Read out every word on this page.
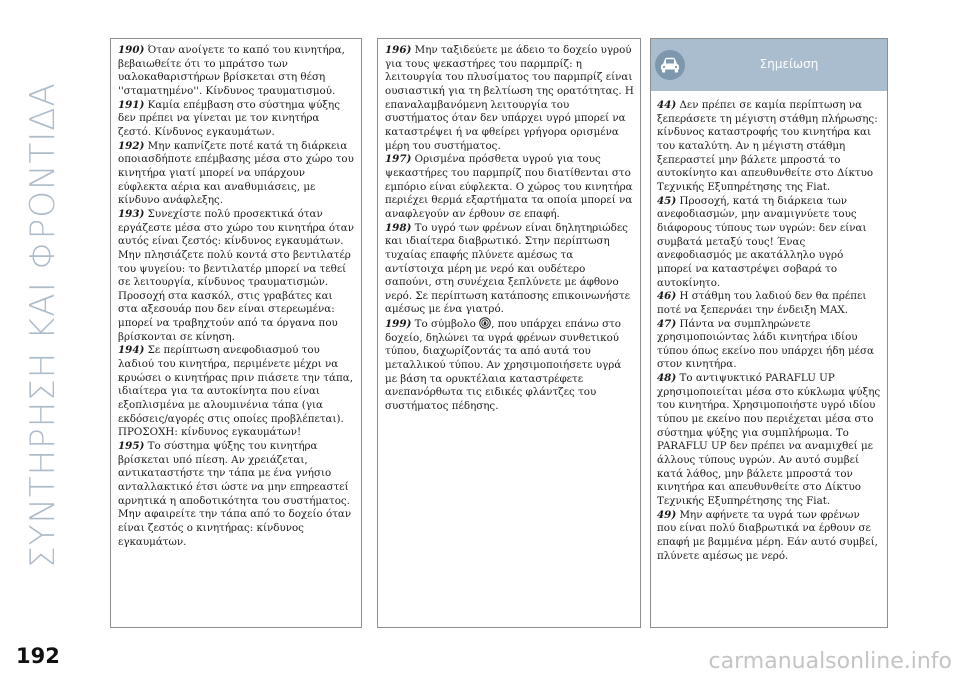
ΣΥΝΤΗΡΗΣΗ ΚΑΙ ΦΡΟΝΤΙΔΑ

190) Όταν ανοίγετε το καπό του κινητήρα, βεβαιωθείτε ότι το μπράτσο των υαλοκαθαριστήρων βρίσκεται στη θέση ''σταματημένο''. Κίνδυνος τραυματισμού.

191) Καμία επέμβαση στο σύστημα ψύξης δεν πρέπει να γίνεται με τον κινητήρα ζεστό. Κίνδυνος εγκαυμάτων.

192) Μην καπνίζετε ποτέ κατά τη διάρκεια οποιασδήποτε επέμβασης μέσα στο χώρο του κινητήρα γιατί μπορεί να υπάρχουν εύφλεκτα αέρια και αναθυμιάσεις, με κίνδυνο ανάφλεξης.

193) Συνεχίστε πολύ προσεκτικά όταν εργάζεστε μέσα στο χώρο του κινητήρα όταν αυτός είναι ζεστός: κίνδυνος εγκαυμάτων. Μην πλησιάζετε πολύ κοντά στο βεντιλατέρ του ψυγείου: το βεντιλατέρ μπορεί να τεθεί σε λειτουργία, κίνδυνος τραυματισμών. Προσοχή στα κασκόλ, στις γραβάτες και στα αξεσουάρ που δεν είναι στερεωμένα: μπορεί να τραβηχτούν από τα όργανα που βρίσκονται σε κίνηση.

194) Σε περίπτωση ανεφοδιασμού του λαδιού του κινητήρα, περιμένετε μέχρι να κρυώσει ο κινητήρας πριν πιάσετε την τάπα, ιδιαίτερα για τα αυτοκίνητα που είναι εξοπλισμένα με αλουμινένια τάπα (για εκδόσεις/αγορές στις οποίες προβλέπεται). ΠΡΟΣΟΧΗ: κίνδυνος εγκαυμάτων!

195) Το σύστημα ψύξης του κινητήρα βρίσκεται υπό πίεση. Αν χρειάζεται, αντικαταστήστε την τάπα με ένα γνήσιο ανταλλακτικό έτσι ώστε να μην επηρεαστεί αρνητικά η αποδοτικότητα του συστήματος. Μην αφαιρείτε την τάπα από το δοχείο όταν είναι ζεστός ο κινητήρας: κίνδυνος εγκαυμάτων.

196) Μην ταξιδεύετε με άδειο το δοχείο υγρού για τους ψεκαστήρες του παρμπρίζ: η λειτουργία του πλυσίματος του παρμπρίζ είναι ουσιαστική για τη βελτίωση της ορατότητας. Η επαναλαμβανόμενη λειτουργία του συστήματος όταν δεν υπάρχει υγρό μπορεί να καταστρέψει ή να φθείρει γρήγορα ορισμένα μέρη του συστήματος.

197) Ορισμένα πρόσθετα υγρού για τους ψεκαστήρες του παρμπρίζ που διατίθενται στο εμπόριο είναι εύφλεκτα. Ο χώρος του κινητήρα περιέχει θερμά εξαρτήματα τα οποία μπορεί να αναφλεγούν αν έρθουν σε επαφή.

198) Το υγρό των φρένων είναι δηλητηριώδες και ιδιαίτερα διαβρωτικό. Στην περίπτωση τυχαίας επαφής πλύνετε αμέσως τα αντίστοιχα μέρη με νερό και ουδέτερο σαπούνι, στη συνέχεια ξεπλύνετε με άφθονο νερό. Σε περίπτωση κατάποσης επικοινωνήστε αμέσως με ένα γιατρό.

199) Το σύμβολο , που υπάρχει επάνω στο δοχείο, δηλώνει τα υγρά φρένων συνθετικού τύπου, διαχωρίζοντάς τα από αυτά του μεταλλικού τύπου. Αν χρησιμοποιήσετε υγρά με βάση τα ορυκτέλαια καταστρέφετε ανεπανόρθωτα τις ειδικές φλάντζες του συστήματος πέδησης.

Σημείωση

44) Δεν πρέπει σε καμία περίπτωση να ξεπεράσετε τη μέγιστη στάθμη πλήρωσης: κίνδυνος καταστροφής του κινητήρα και του καταλύτη. Αν η μέγιστη στάθμη ξεπεραστεί μην βάλετε μπροστά το αυτοκίνητο και απευθυνθείτε στο Δίκτυο Τεχνικής Εξυπηρέτησης της Fiat.

45) Προσοχή, κατά τη διάρκεια των ανεφοδιασμών, μην αναμιγνύετε τους διάφορους τύπους των υγρών: δεν είναι συμβατά μεταξύ τους! Ένας ανεφοδιασμός με ακατάλληλο υγρό μπορεί να καταστρέψει σοβαρά το αυτοκίνητο.

46) Η στάθμη του λαδιού δεν θα πρέπει ποτέ να ξεπερνάει την ένδειξη MAX.

47) Πάντα να συμπληρώνετε χρησιμοποιώντας λάδι κινητήρα ιδίου τύπου όπως εκείνο που υπάρχει ήδη μέσα στον κινητήρα.

48) Το αντιψυκτικό PARAFLU UP χρησιμοποιείται μέσα στο κύκλωμα ψύξης του κινητήρα. Χρησιμοποιήστε υγρό ιδίου τύπου με εκείνο που περιέχεται μέσα στο σύστημα ψύξης για συμπλήρωμα. Το PARAFLU UP δεν πρέπει να αναμιχθεί με άλλους τύπους υγρών. Αν αυτό συμβεί κατά λάθος, μην βάλετε μπροστά τον κινητήρα και απευθυνθείτε στο Δίκτυο Τεχνικής Εξυπηρέτησης της Fiat.

49) Μην αφήνετε τα υγρά των φρένων που είναι πολύ διαβρωτικά να έρθουν σε επαφή με βαμμένα μέρη. Εάν αυτό συμβεί, πλύνετε αμέσως με νερό.

192	carmanualsonline.info
